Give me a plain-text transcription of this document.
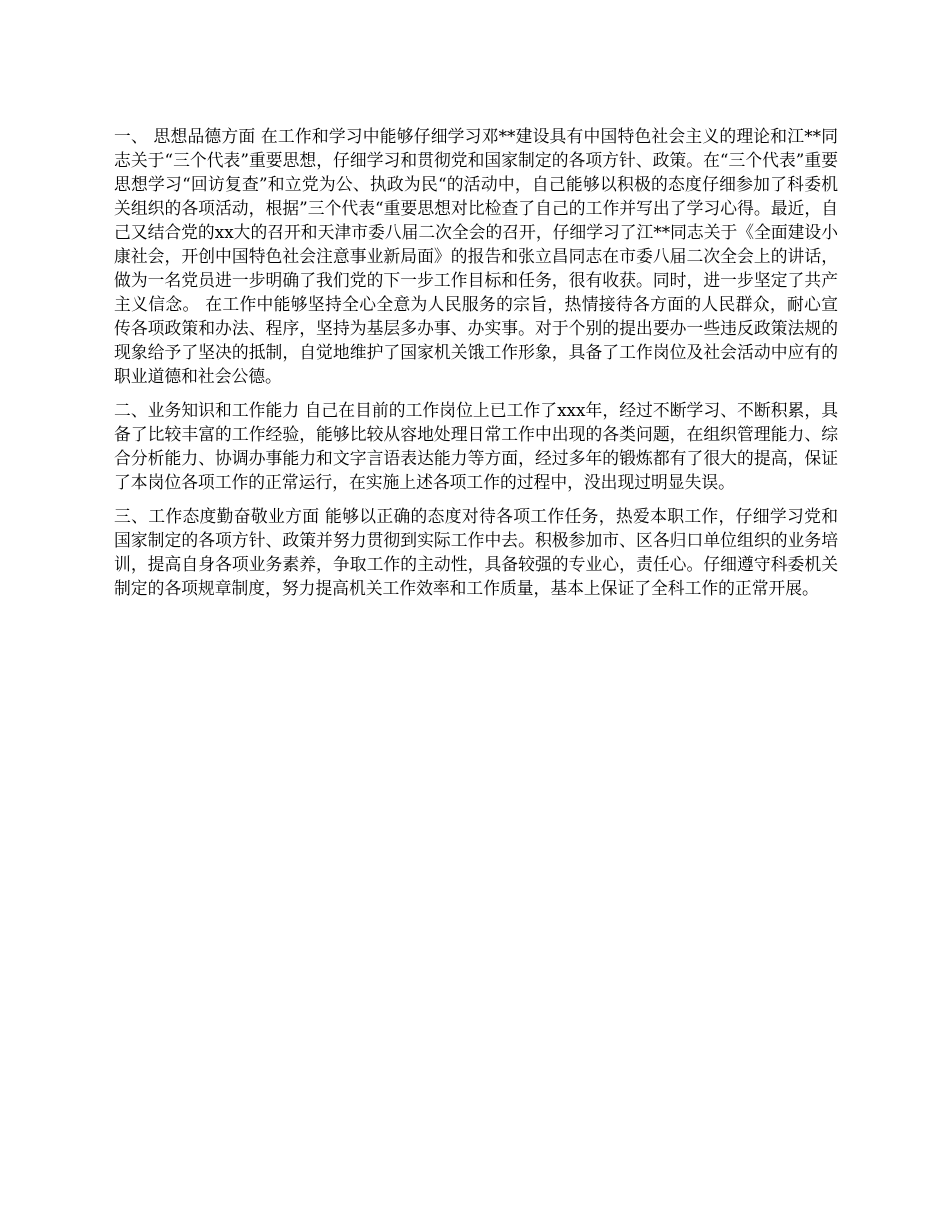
一、 思想品德方面 在工作和学习中能够仔细学习邓**建设具有中国特色社会主义的理论和江**同志关于“三个代表”重要思想，仔细学习和贯彻党和国家制定的各项方针、政策。在“三个代表”重要思想学习“回访复查”和立党为公、执政为民“的活动中，自己能够以积极的态度仔细参加了科委机关组织的各项活动，根据”三个代表“重要思想对比检查了自己的工作并写出了学习心得。最近，自己又结合党的xx大的召开和天津市委八届二次全会的召开，仔细学习了江**同志关于《全面建设小康社会，开创中国特色社会注意事业新局面》的报告和张立昌同志在市委八届二次全会上的讲话，做为一名党员进一步明确了我们党的下一步工作目标和任务，很有收获。同时，进一步坚定了共产主义信念。 在工作中能够坚持全心全意为人民服务的宗旨，热情接待各方面的人民群众，耐心宣传各项政策和办法、程序，坚持为基层多办事、办实事。对于个别的提出要办一些违反政策法规的现象给予了坚决的抵制，自觉地维护了国家机关饿工作形象，具备了工作岗位及社会活动中应有的职业道德和社会公德。

二、业务知识和工作能力 自己在目前的工作岗位上已工作了xxx年，经过不断学习、不断积累，具备了比较丰富的工作经验，能够比较从容地处理日常工作中出现的各类问题，在组织管理能力、综合分析能力、协调办事能力和文字言语表达能力等方面，经过多年的锻炼都有了很大的提高，保证了本岗位各项工作的正常运行，在实施上述各项工作的过程中，没出现过明显失误。

三、工作态度勤奋敬业方面 能够以正确的态度对待各项工作任务，热爱本职工作，仔细学习党和国家制定的各项方针、政策并努力贯彻到实际工作中去。积极参加市、区各归口单位组织的业务培训，提高自身各项业务素养，争取工作的主动性，具备较强的专业心，责任心。仔细遵守科委机关制定的各项规章制度，努力提高机关工作效率和工作质量，基本上保证了全科工作的正常开展。
